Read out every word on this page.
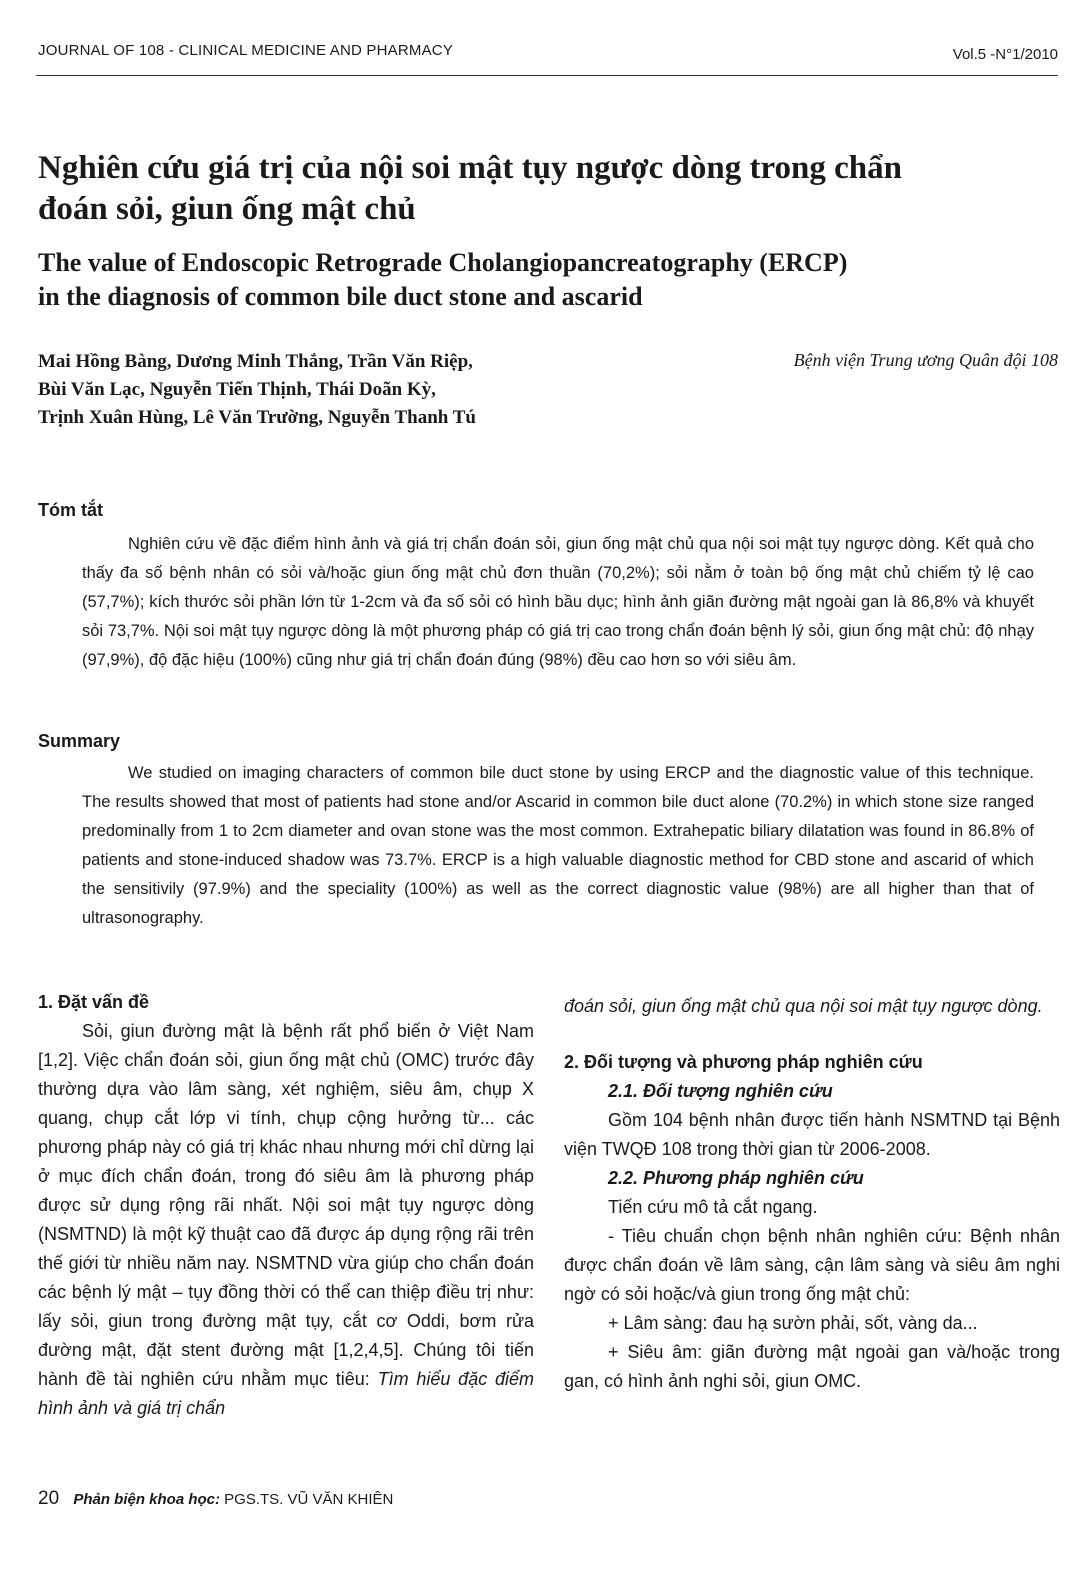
JOURNAL OF 108 - CLINICAL MEDICINE AND PHARMACY	Vol.5 -N°1/2010
Nghiên cứu giá trị của nội soi mật tụy ngược dòng trong chẩn
đoán sỏi, giun ống mật chủ
The value of Endoscopic Retrograde Cholangiopancreatography (ERCP)
in the diagnosis of common bile duct stone and ascarid
Mai Hồng Bàng, Dương Minh Thắng, Trần Văn Riệp,
Bùi Văn Lạc, Nguyễn Tiến Thịnh, Thái Doãn Kỳ,
Trịnh Xuân Hùng, Lê Văn Trường, Nguyễn Thanh Tú
Bệnh viện Trung ương Quân đội 108
Tóm tắt

Nghiên cứu về đặc điểm hình ảnh và giá trị chẩn đoán sỏi, giun ống mật chủ qua nội soi mật tụy ngược dòng. Kết quả cho thấy đa số bệnh nhân có sỏi và/hoặc giun ống mật chủ đơn thuần (70,2%); sỏi nằm ở toàn bộ ống mật chủ chiếm tỷ lệ cao (57,7%); kích thước sỏi phần lớn từ 1-2cm và đa số sỏi có hình bầu dục; hình ảnh giãn đường mật ngoài gan là 86,8% và khuyết sỏi 73,7%. Nội soi mật tụy ngược dòng là một phương pháp có giá trị cao trong chẩn đoán bệnh lý sỏi, giun ống mật chủ: độ nhạy (97,9%), độ đặc hiệu (100%) cũng như giá trị chẩn đoán đúng (98%) đều cao hơn so với siêu âm.

Summary

We studied on imaging characters of common bile duct stone by using ERCP and the diagnostic value of this technique. The results showed that most of patients had stone and/or Ascarid in common bile duct alone (70.2%) in which stone size ranged predominally from 1 to 2cm diameter and ovan stone was the most common. Extrahepatic biliary dilatation was found in 86.8% of patients and stone-induced shadow was 73.7%. ERCP is a high valuable diagnostic method for CBD stone and ascarid of which the sensitivily (97.9%) and the speciality (100%) as well as the correct diagnostic value (98%) are all higher than that of ultrasonography.

1. Đặt vấn đề

Sỏi, giun đường mật là bệnh rất phổ biến ở Việt Nam [1,2]. Việc chẩn đoán sỏi, giun ống mật chủ (OMC) trước đây thường dựa vào lâm sàng, xét nghiệm, siêu âm, chụp X quang, chụp cắt lớp vi tính, chụp cộng hưởng từ... các phương pháp này có giá trị khác nhau nhưng mới chỉ dừng lại ở mục đích chẩn đoán, trong đó siêu âm là phương pháp được sử dụng rộng rãi nhất. Nội soi mật tụy ngược dòng (NSMTND) là một kỹ thuật cao đã được áp dụng rộng rãi trên thế giới từ nhiều năm nay. NSMTND vừa giúp cho chẩn đoán các bệnh lý mật – tụy đồng thời có thể can thiệp điều trị như: lấy sỏi, giun trong đường mật tụy, cắt cơ Oddi, bơm rửa đường mật, đặt stent đường mật [1,2,4,5]. Chúng tôi tiến hành đề tài nghiên cứu nhằm mục tiêu: Tìm hiểu đặc điểm hình ảnh và giá trị chẩn

đoán sỏi, giun ống mật chủ qua nội soi mật tụy ngược dòng.

2. Đối tượng và phương pháp nghiên cứu

2.1. Đối tượng nghiên cứu

Gồm 104 bệnh nhân được tiến hành NSMTND tại Bệnh viện TWQĐ 108 trong thời gian từ 2006-2008.

2.2. Phương pháp nghiên cứu

Tiến cứu mô tả cắt ngang.

- Tiêu chuẩn chọn bệnh nhân nghiên cứu: Bệnh nhân được chẩn đoán về lâm sàng, cận lâm sàng và siêu âm nghi ngờ có sỏi hoặc/và giun trong ống mật chủ:

+ Lâm sàng: đau hạ sườn phải, sốt, vàng da...

+ Siêu âm: giãn đường mật ngoài gan và/hoặc trong gan, có hình ảnh nghi sỏi, giun OMC.

20 Phản biện khoa học: PGS.TS. VŨ VĂN KHIÊN
